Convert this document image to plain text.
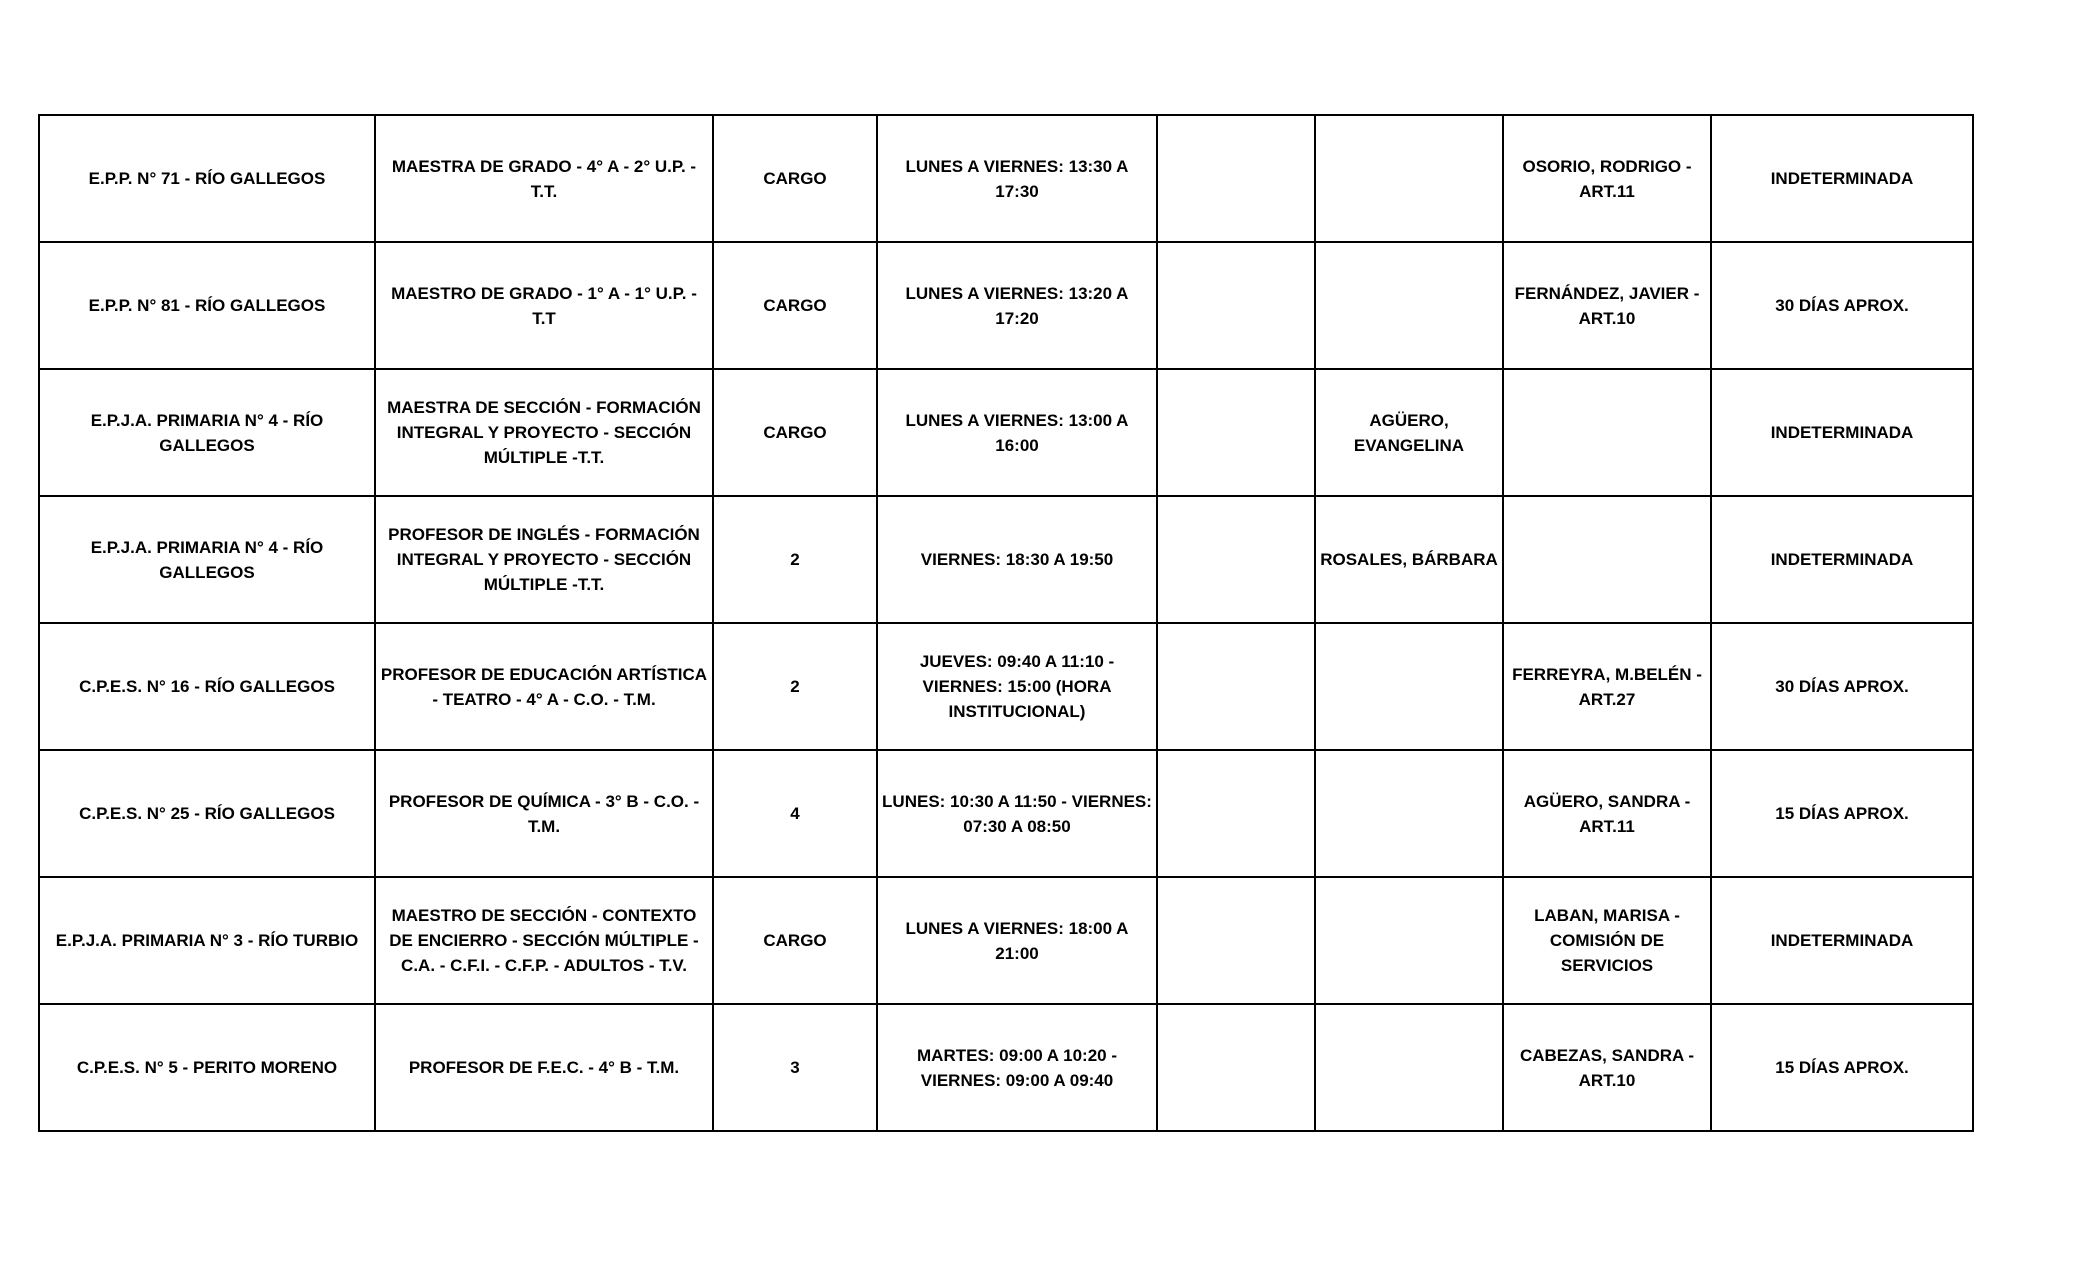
E.P.P. N° 71 - RÍO GALLEGOS	MAESTRA DE GRADO - 4° A - 2° U.P. - T.T.	CARGO	LUNES A VIERNES: 13:30 A 17:30			OSORIO, RODRIGO - ART.11	INDETERMINADA
E.P.P. N° 81 - RÍO GALLEGOS	MAESTRO DE GRADO - 1° A - 1° U.P. - T.T	CARGO	LUNES A VIERNES: 13:20 A 17:20			FERNÁNDEZ, JAVIER - ART.10	30 DÍAS APROX.
E.P.J.A. PRIMARIA N° 4 - RÍO GALLEGOS	MAESTRA DE SECCIÓN - FORMACIÓN INTEGRAL Y PROYECTO - SECCIÓN MÚLTIPLE -T.T.	CARGO	LUNES A VIERNES: 13:00 A 16:00		AGÜERO, EVANGELINA		INDETERMINADA
E.P.J.A. PRIMARIA N° 4 - RÍO GALLEGOS	PROFESOR DE INGLÉS - FORMACIÓN INTEGRAL Y PROYECTO - SECCIÓN MÚLTIPLE -T.T.	2	VIERNES: 18:30 A 19:50		ROSALES, BÁRBARA		INDETERMINADA
C.P.E.S. N° 16 - RÍO GALLEGOS	PROFESOR DE EDUCACIÓN ARTÍSTICA - TEATRO - 4° A - C.O. - T.M.	2	JUEVES: 09:40 A 11:10 - VIERNES: 15:00 (HORA INSTITUCIONAL)			FERREYRA, M.BELÉN - ART.27	30 DÍAS APROX.
C.P.E.S. N° 25 - RÍO GALLEGOS	PROFESOR DE QUÍMICA - 3° B - C.O. - T.M.	4	LUNES: 10:30 A 11:50 - VIERNES: 07:30 A 08:50			AGÜERO, SANDRA - ART.11	15 DÍAS APROX.
E.P.J.A. PRIMARIA N° 3 - RÍO TURBIO	MAESTRO DE SECCIÓN - CONTEXTO DE ENCIERRO - SECCIÓN MÚLTIPLE - C.A. - C.F.I. - C.F.P. - ADULTOS - T.V.	CARGO	LUNES A VIERNES: 18:00 A 21:00			LABAN, MARISA - COMISIÓN DE SERVICIOS	INDETERMINADA
C.P.E.S. N° 5 - PERITO MORENO	PROFESOR DE F.E.C. - 4° B - T.M.	3	MARTES: 09:00 A 10:20 - VIERNES: 09:00 A 09:40			CABEZAS, SANDRA - ART.10	15 DÍAS APROX.
